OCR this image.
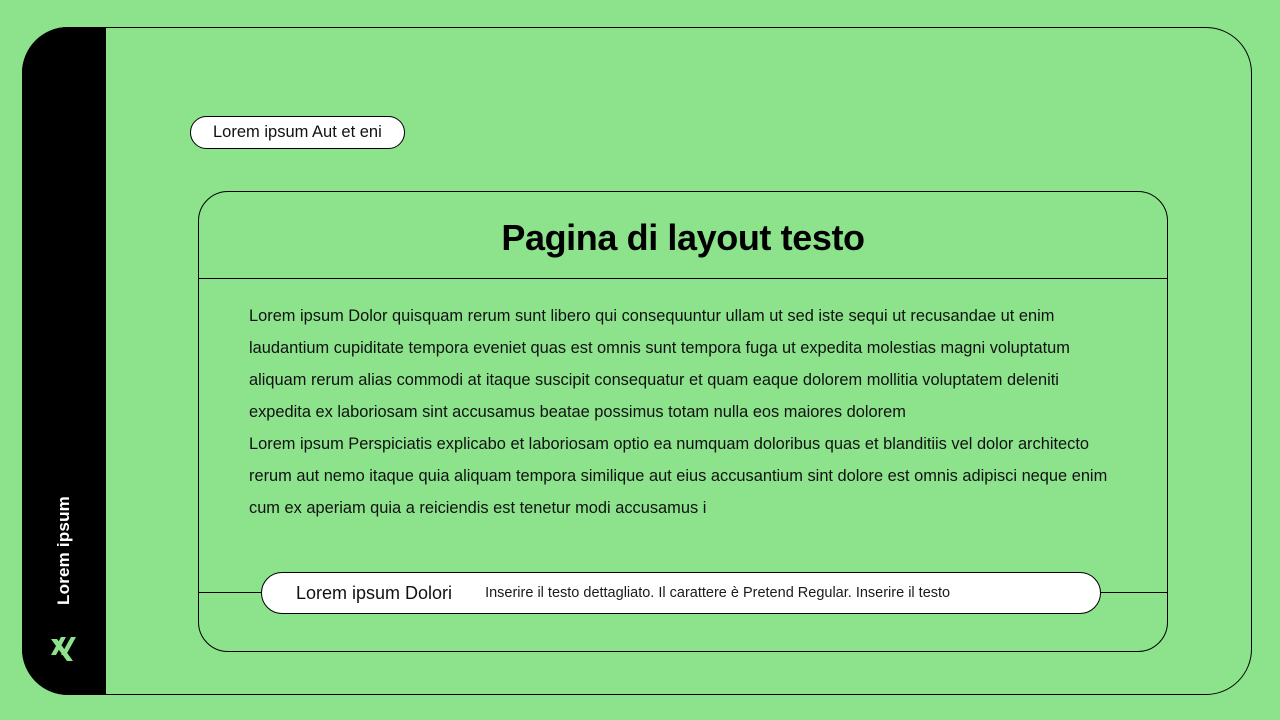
Lorem ipsum
Lorem ipsum Aut et eni
Pagina di layout testo

Lorem ipsum Dolor quisquam rerum sunt libero qui consequuntur ullam ut sed iste sequi ut recusandae ut enim laudantium cupiditate tempora eveniet quas est omnis sunt tempora fuga ut expedita molestias magni voluptatum aliquam rerum alias commodi at itaque suscipit consequatur et quam eaque dolorem mollitia voluptatem deleniti expedita ex laboriosam sint accusamus beatae possimus totam nulla eos maiores dolorem

Lorem ipsum Perspiciatis explicabo et laboriosam optio ea numquam doloribus quas et blanditiis vel dolor architecto rerum aut nemo itaque quia aliquam tempora similique aut eius accusantium sint dolore est omnis adipisci neque enim cum ex aperiam quia a reiciendis est tenetur modi accusamus i

Lorem ipsum Dolori Inserire il testo dettagliato. Il carattere è Pretend Regular. Inserire il testo
